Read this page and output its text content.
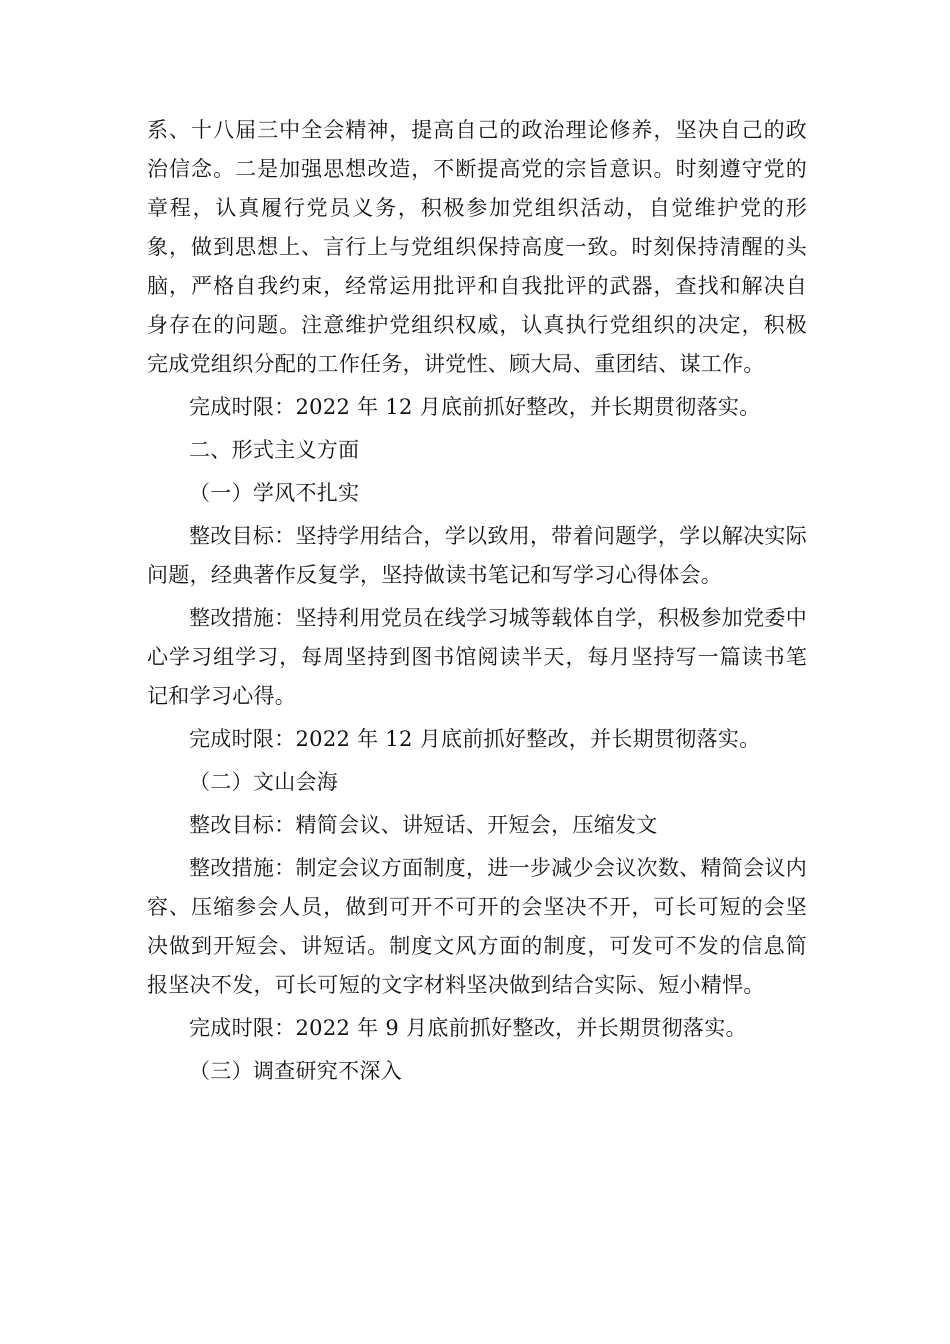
系、十八届三中全会精神，提高自己的政治理论修养，坚决自己的政治信念。二是加强思想改造，不断提高党的宗旨意识。时刻遵守党的章程，认真履行党员义务，积极参加党组织活动，自觉维护党的形象，做到思想上、言行上与党组织保持高度一致。时刻保持清醒的头脑，严格自我约束，经常运用批评和自我批评的武器，查找和解决自身存在的问题。注意维护党组织权威，认真执行党组织的决定，积极完成党组织分配的工作任务，讲党性、顾大局、重团结、谋工作。

完成时限：2022 年 12 月底前抓好整改，并长期贯彻落实。

二、形式主义方面

（一）学风不扎实

整改目标：坚持学用结合，学以致用，带着问题学，学以解决实际问题，经典著作反复学，坚持做读书笔记和写学习心得体会。

整改措施：坚持利用党员在线学习城等载体自学，积极参加党委中心学习组学习，每周坚持到图书馆阅读半天，每月坚持写一篇读书笔记和学习心得。

完成时限：2022 年 12 月底前抓好整改，并长期贯彻落实。

（二）文山会海

整改目标：精简会议、讲短话、开短会，压缩发文

整改措施：制定会议方面制度，进一步减少会议次数、精简会议内容、压缩参会人员，做到可开不可开的会坚决不开，可长可短的会坚决做到开短会、讲短话。制度文风方面的制度，可发可不发的信息简报坚决不发，可长可短的文字材料坚决做到结合实际、短小精悍。

完成时限：2022 年 9 月底前抓好整改，并长期贯彻落实。

（三）调查研究不深入
